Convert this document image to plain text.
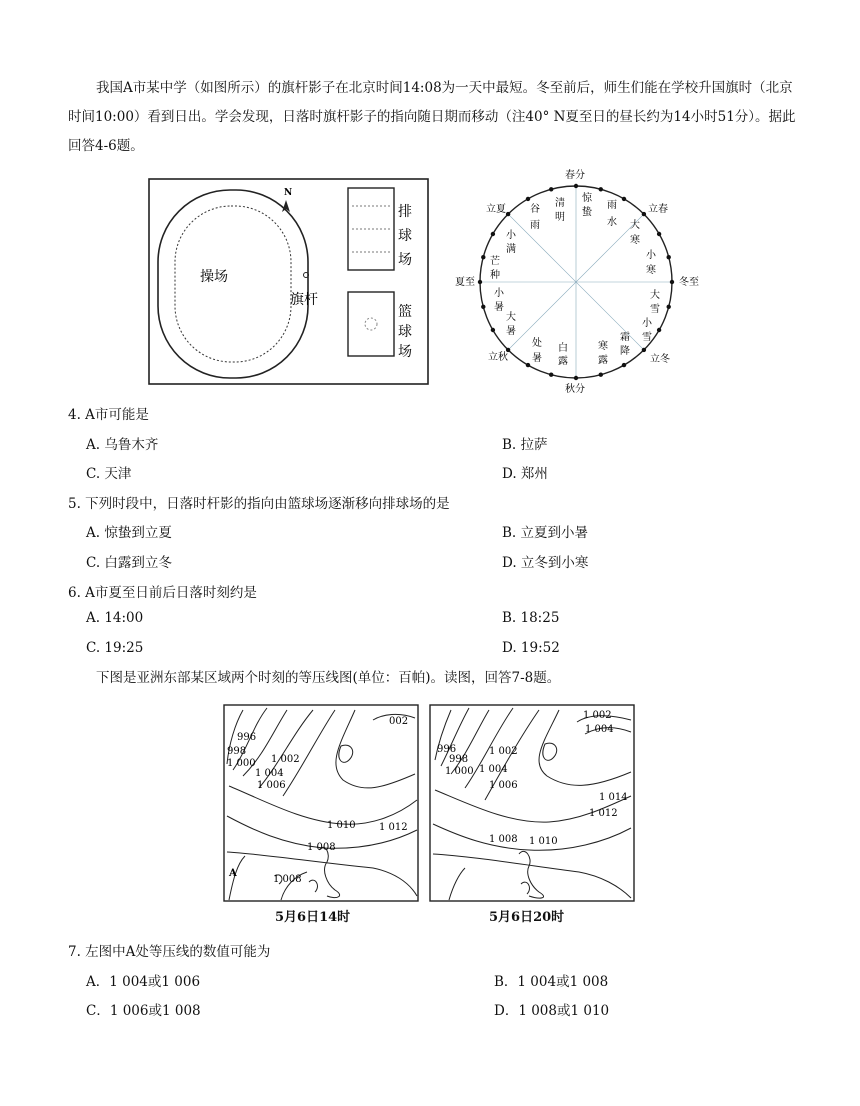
我国A市某中学（如图所示）的旗杆影子在北京时间14:08为一天中最短。冬至前后，师生们能在学校升国旗时（北京时间10:00）看到日出。学会发现，日落时旗杆影子的指向随日期而移动（注40° N夏至日的昼长约为14小时51分）。据此回答4-6题。
操场
N
旗杆
排
球
场
篮
球
场
春分
秋分
夏至	冬至
立夏	立春
立秋	立冬
谷
雨
清
明
惊
蛰
雨
水 大
寒
小
寒
小
满
芒
种
小
暑
大
暑
大
雪
小
雪
处
暑
白
露
寒
露
霜
降
4. A市可能是
A. 乌鲁木齐	B. 拉萨
C. 天津	D. 郑州
5. 下列时段中，日落时杆影的指向由篮球场逐渐移向排球场的是
A. 惊蛰到立夏	B. 立夏到小暑
C. 白露到立冬	D. 立冬到小寒
6. A市夏至日前后日落时刻约是
A. 14:00	B. 18:25
C. 19:25	D. 19:52
下图是亚洲东部某区域两个时刻的等压线图(单位：百帕)。读图，回答7-8题。
996
998
1 000 1 002
1 004
1 006
1 012
1 010
1 008
1 008
002
A
5月6日14时
996
998
1 000
1 002
1 004
1 006
1 002
1 004
1 014
1 012
1 008 1 010
5月6日20时
7. 左图中A处等压线的数值可能为
A．1 004或1 006	B．1 004或1 008
C．1 006或1 008	D．1 008或1 010
